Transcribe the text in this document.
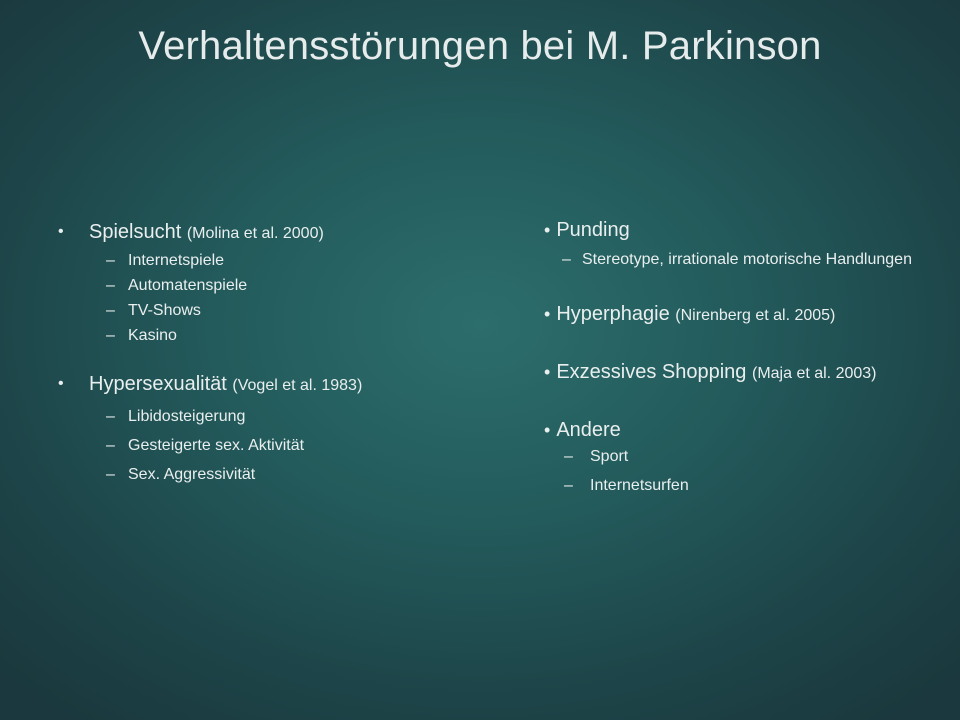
Verhaltensstörungen bei M. Parkinson
• Spielsucht (Molina et al. 2000)
– Internetspiele
– Automatenspiele
– TV-Shows
– Kasino
• Hypersexualität (Vogel et al. 1983)
– Libidosteigerung
– Gesteigerte sex. Aktivität
– Sex. Aggressivität
• Punding
– Stereotype, irrationale motorische Handlungen
• Hyperphagie (Nirenberg et al. 2005)
• Exzessives Shopping (Maja et al. 2003)
• Andere
– Sport
– Internetsurfen
